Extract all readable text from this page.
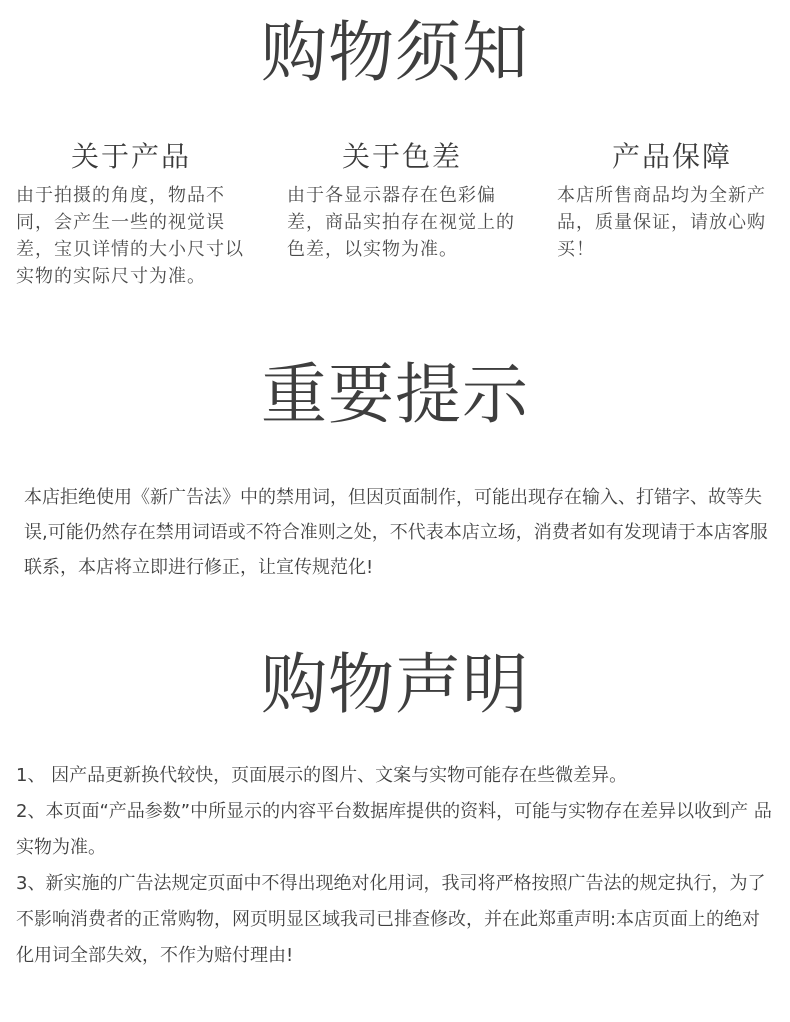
购物须知
关于产品
由于拍摄的角度，物品不同，会产生一些的视觉误差，宝贝详情的大小尺寸以实物的实际尺寸为准。
关于色差
由于各显示器存在色彩偏差，商品实拍存在视觉上的色差，以实物为准。
产品保障
本店所售商品均为全新产品，质量保证，请放心购买！
重要提示
本店拒绝使用《新广告法》中的禁用词，但因页面制作，可能出现存在输入、打错字、故等失误,可能仍然存在禁用词语或不符合准则之处，不代表本店立场，消费者如有发现请于本店客服联系，本店将立即进行修正，让宣传规范化!
购物声明
1、 因产品更新换代较快，页面展示的图片、文案与实物可能存在些微差异。
2、本页面“产品参数”中所显示的内容平台数据库提供的资料，可能与实物存在差异以收到产 品实物为准。
3、新实施的广告法规定页面中不得出现绝对化用词，我司将严格按照广告法的规定执行，为了不影响消费者的正常购物，网页明显区域我司已排查修改，并在此郑重声明:本店页面上的绝对化用词全部失效，不作为赔付理由!
